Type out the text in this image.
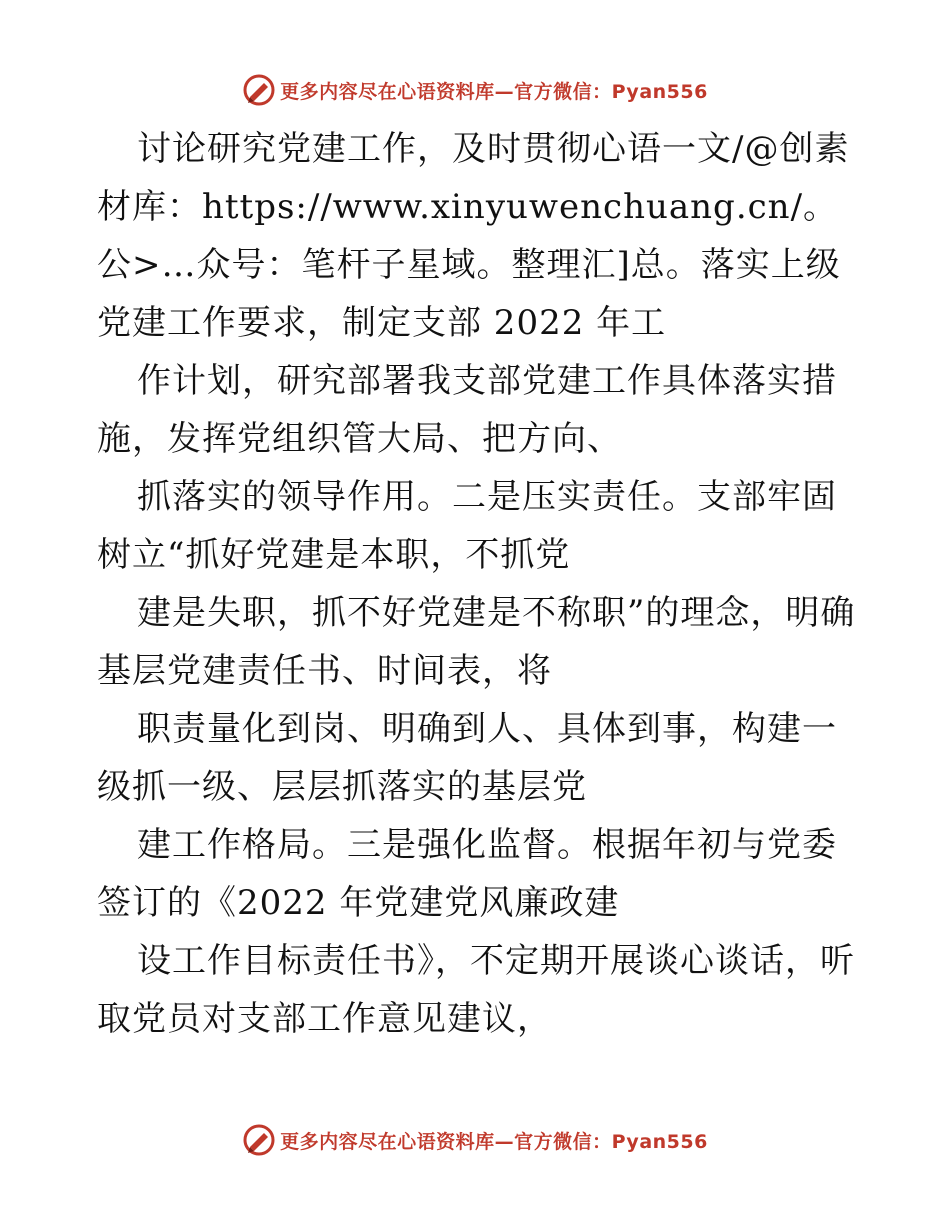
更多内容尽在心语资料库—官方微信：Pyan556

讨论研究党建工作，及时贯彻心语一文/@创素材库：https://www.xinyuwenchuang.cn/。公>…众号：笔杆子星域。整理汇]总。落实上级党建工作要求，制定支部 2022 年工

作计划，研究部署我支部党建工作具体落实措施，发挥党组织管大局、把方向、

抓落实的领导作用。二是压实责任。支部牢固树立“抓好党建是本职，不抓党

建是失职，抓不好党建是不称职”的理念，明确基层党建责任书、时间表，将

职责量化到岗、明确到人、具体到事，构建一级抓一级、层层抓落实的基层党

建工作格局。三是强化监督。根据年初与党委签订的《2022 年党建党风廉政建

设工作目标责任书》，不定期开展谈心谈话，听取党员对支部工作意见建议，

更多内容尽在心语资料库—官方微信：Pyan556
